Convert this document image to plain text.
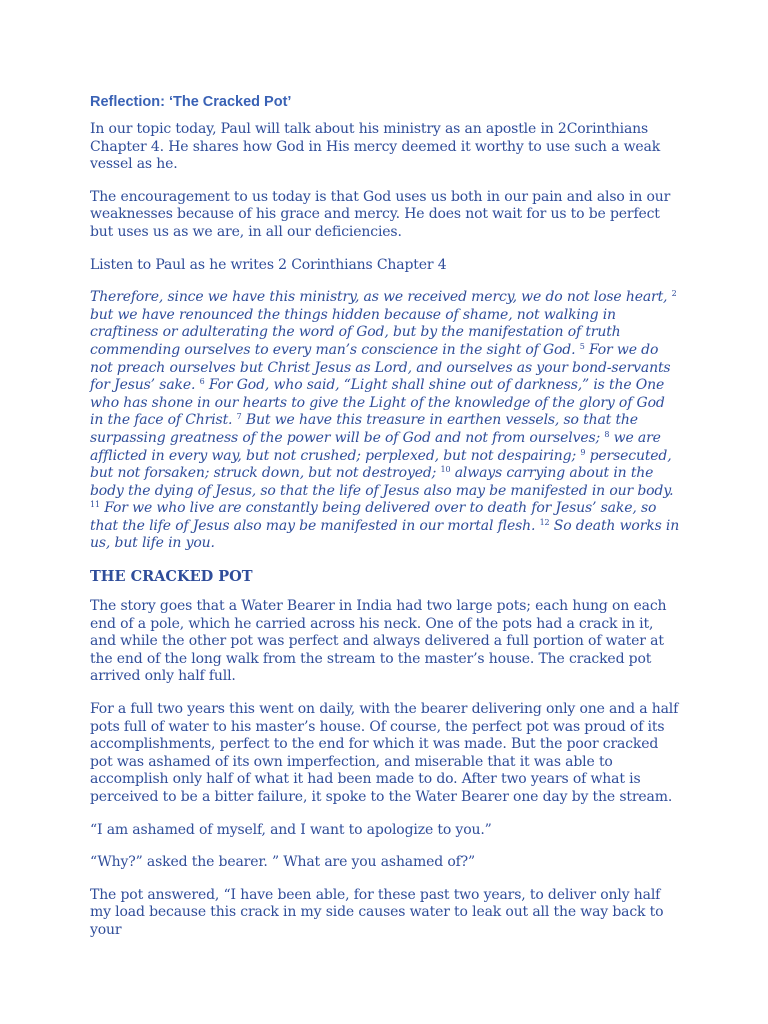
Reflection: ‘The Cracked Pot’

In our topic today, Paul will talk about his ministry as an apostle in 2Corinthians Chapter 4. He shares how God in His mercy deemed it worthy to use such a weak vessel as he.

The encouragement to us today is that God uses us both in our pain and also in our weaknesses because of his grace and mercy. He does not wait for us to be perfect but uses us as we are, in all our deficiencies.

Listen to Paul as he writes 2 Corinthians Chapter 4

Therefore, since we have this ministry, as we received mercy, we do not lose heart, $^2$ but we have renounced the things hidden because of shame, not walking in craftiness or adulterating the word of God, but by the manifestation of truth commending ourselves to every man’s conscience in the sight of God. $^5$ For we do not preach ourselves but Christ Jesus as Lord, and ourselves as your bond-servants for Jesus’ sake. $^6$ For God, who said, “Light shall shine out of darkness,” is the One who has shone in our hearts to give the Light of the knowledge of the glory of God in the face of Christ. $^7$ But we have this treasure in earthen vessels, so that the surpassing greatness of the power will be of God and not from ourselves; $^8$ we are afflicted in every way, but not crushed; perplexed, but not despairing; $^9$ persecuted, but not forsaken; struck down, but not destroyed; $^{10}$ always carrying about in the body the dying of Jesus, so that the life of Jesus also may be manifested in our body. $^{11}$ For we who live are constantly being delivered over to death for Jesus’ sake, so that the life of Jesus also may be manifested in our mortal flesh. $^{12}$ So death works in us, but life in you.

THE CRACKED POT

The story goes that a Water Bearer in India had two large pots; each hung on each end of a pole, which he carried across his neck. One of the pots had a crack in it, and while the other pot was perfect and always delivered a full portion of water at the end of the long walk from the stream to the master’s house. The cracked pot arrived only half full.

For a full two years this went on daily, with the bearer delivering only one and a half pots full of water to his master’s house. Of course, the perfect pot was proud of its accomplishments, perfect to the end for which it was made. But the poor cracked pot was ashamed of its own imperfection, and miserable that it was able to accomplish only half of what it had been made to do. After two years of what is perceived to be a bitter failure, it spoke to the Water Bearer one day by the stream.

“I am ashamed of myself, and I want to apologize to you.”

“Why?” asked the bearer. ” What are you ashamed of?”

The pot answered, “I have been able, for these past two years, to deliver only half my load because this crack in my side causes water to leak out all the way back to your
